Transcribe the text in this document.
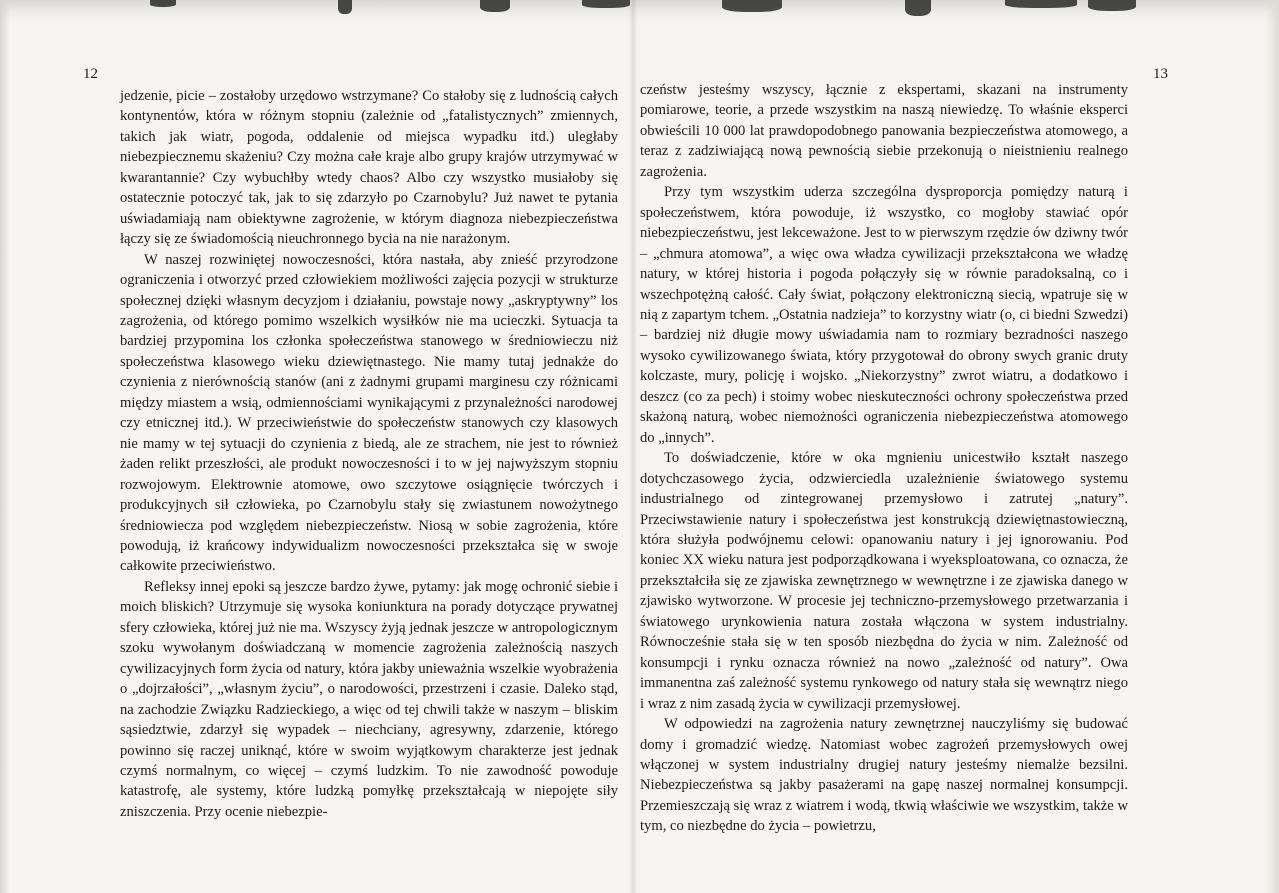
12	13

jedzenie, picie – zostałoby urzędowo wstrzymane? Co stałoby się z ludnością całych kontynentów, która w różnym stopniu (zależnie od „fatalistycznych” zmiennych, takich jak wiatr, pogoda, oddalenie od miejsca wypadku itd.) uległaby niebezpiecznemu skażeniu? Czy można całe kraje albo grupy krajów utrzymywać w kwarantannie? Czy wybuchłby wtedy chaos? Albo czy wszystko musiałoby się ostatecznie potoczyć tak, jak to się zdarzyło po Czarnobylu? Już nawet te pytania uświadamiają nam obiektywne zagrożenie, w którym diagnoza niebezpieczeństwa łączy się ze świadomością nieuchronnego bycia na nie narażonym.

W naszej rozwiniętej nowoczesności, która nastała, aby znieść przyrodzone ograniczenia i otworzyć przed człowiekiem możliwości zajęcia pozycji w strukturze społecznej dzięki własnym decyzjom i działaniu, powstaje nowy „askryptywny” los zagrożenia, od którego pomimo wszelkich wysiłków nie ma ucieczki. Sytuacja ta bardziej przypomina los członka społeczeństwa stanowego w średniowieczu niż społeczeństwa klasowego wieku dziewiętnastego. Nie mamy tutaj jednakże do czynienia z nierównością stanów (ani z żadnymi grupami marginesu czy różnicami między miastem a wsią, odmiennościami wynikającymi z przynależności narodowej czy etnicznej itd.). W przeciwieństwie do społeczeństw stanowych czy klasowych nie mamy w tej sytuacji do czynienia z biedą, ale ze strachem, nie jest to również żaden relikt przeszłości, ale produkt nowoczesności i to w jej najwyższym stopniu rozwojowym. Elektrownie atomowe, owo szczytowe osiągnięcie twórczych i produkcyjnych sił człowieka, po Czarnobylu stały się zwiastunem nowożytnego średniowiecza pod względem niebezpieczeństw. Niosą w sobie zagrożenia, które powodują, iż krańcowy indywidualizm nowoczesności przekształca się w swoje całkowite przeciwieństwo.

Refleksy innej epoki są jeszcze bardzo żywe, pytamy: jak mogę ochronić siebie i moich bliskich? Utrzymuje się wysoka koniunktura na porady dotyczące prywatnej sfery człowieka, której już nie ma. Wszyscy żyją jednak jeszcze w antropologicznym szoku wywołanym doświadczaną w momencie zagrożenia zależnością naszych cywilizacyjnych form życia od natury, która jakby unieważnia wszelkie wyobrażenia o „dojrzałości”, „własnym życiu”, o narodowości, przestrzeni i czasie. Daleko stąd, na zachodzie Związku Radzieckiego, a więc od tej chwili także w naszym – bliskim sąsiedztwie, zdarzył się wypadek – niechciany, agresywny, zdarzenie, którego powinno się raczej uniknąć, które w swoim wyjątkowym charakterze jest jednak czymś normalnym, co więcej – czymś ludzkim. To nie zawodność powoduje katastrofę, ale systemy, które ludzką pomyłkę przekształcają w niepojęte siły zniszczenia. Przy ocenie niebezpie-

czeństw jesteśmy wszyscy, łącznie z ekspertami, skazani na instrumenty pomiarowe, teorie, a przede wszystkim na naszą niewiedzę. To właśnie eksperci obwieścili 10 000 lat prawdopodobnego panowania bezpieczeństwa atomowego, a teraz z zadziwiającą nową pewnością siebie przekonują o nieistnieniu realnego zagrożenia.

Przy tym wszystkim uderza szczególna dysproporcja pomiędzy naturą i społeczeństwem, która powoduje, iż wszystko, co mogłoby stawiać opór niebezpieczeństwu, jest lekceważone. Jest to w pierwszym rzędzie ów dziwny twór – „chmura atomowa”, a więc owa władza cywilizacji przekształcona we władzę natury, w której historia i pogoda połączyły się w równie paradoksalną, co i wszechpotężną całość. Cały świat, połączony elektroniczną siecią, wpatruje się w nią z zapartym tchem. „Ostatnia nadzieja” to korzystny wiatr (o, ci biedni Szwedzi) – bardziej niż długie mowy uświadamia nam to rozmiary bezradności naszego wysoko cywilizowanego świata, który przygotował do obrony swych granic druty kolczaste, mury, policję i wojsko. „Niekorzystny” zwrot wiatru, a dodatkowo i deszcz (co za pech) i stoimy wobec nieskuteczności ochrony społeczeństwa przed skażoną naturą, wobec niemożności ograniczenia niebezpieczeństwa atomowego do „innych”.

To doświadczenie, które w oka mgnieniu unicestwiło kształt naszego dotychczasowego życia, odzwierciedla uzależnienie światowego systemu industrialnego od zintegrowanej przemysłowo i zatrutej „natury”. Przeciwstawienie natury i społeczeństwa jest konstrukcją dziewiętnastowieczną, która służyła podwójnemu celowi: opanowaniu natury i jej ignorowaniu. Pod koniec XX wieku natura jest podporządkowana i wyeksploatowana, co oznacza, że przekształciła się ze zjawiska zewnętrznego w wewnętrzne i ze zjawiska danego w zjawisko wytworzone. W procesie jej techniczno-przemysłowego przetwarzania i światowego urynkowienia natura została włączona w system industrialny. Równocześnie stała się w ten sposób niezbędna do życia w nim. Zależność od konsumpcji i rynku oznacza również na nowo „zależność od natury”. Owa immanentna zaś zależność systemu rynkowego od natury stała się wewnątrz niego i wraz z nim zasadą życia w cywilizacji przemysłowej.

W odpowiedzi na zagrożenia natury zewnętrznej nauczyliśmy się budować domy i gromadzić wiedzę. Natomiast wobec zagrożeń przemysłowych owej włączonej w system industrialny drugiej natury jesteśmy niemalże bezsilni. Niebezpieczeństwa są jakby pasażerami na gapę naszej normalnej konsumpcji. Przemieszczają się wraz z wiatrem i wodą, tkwią właściwie we wszystkim, także w tym, co niezbędne do życia – powietrzu,
